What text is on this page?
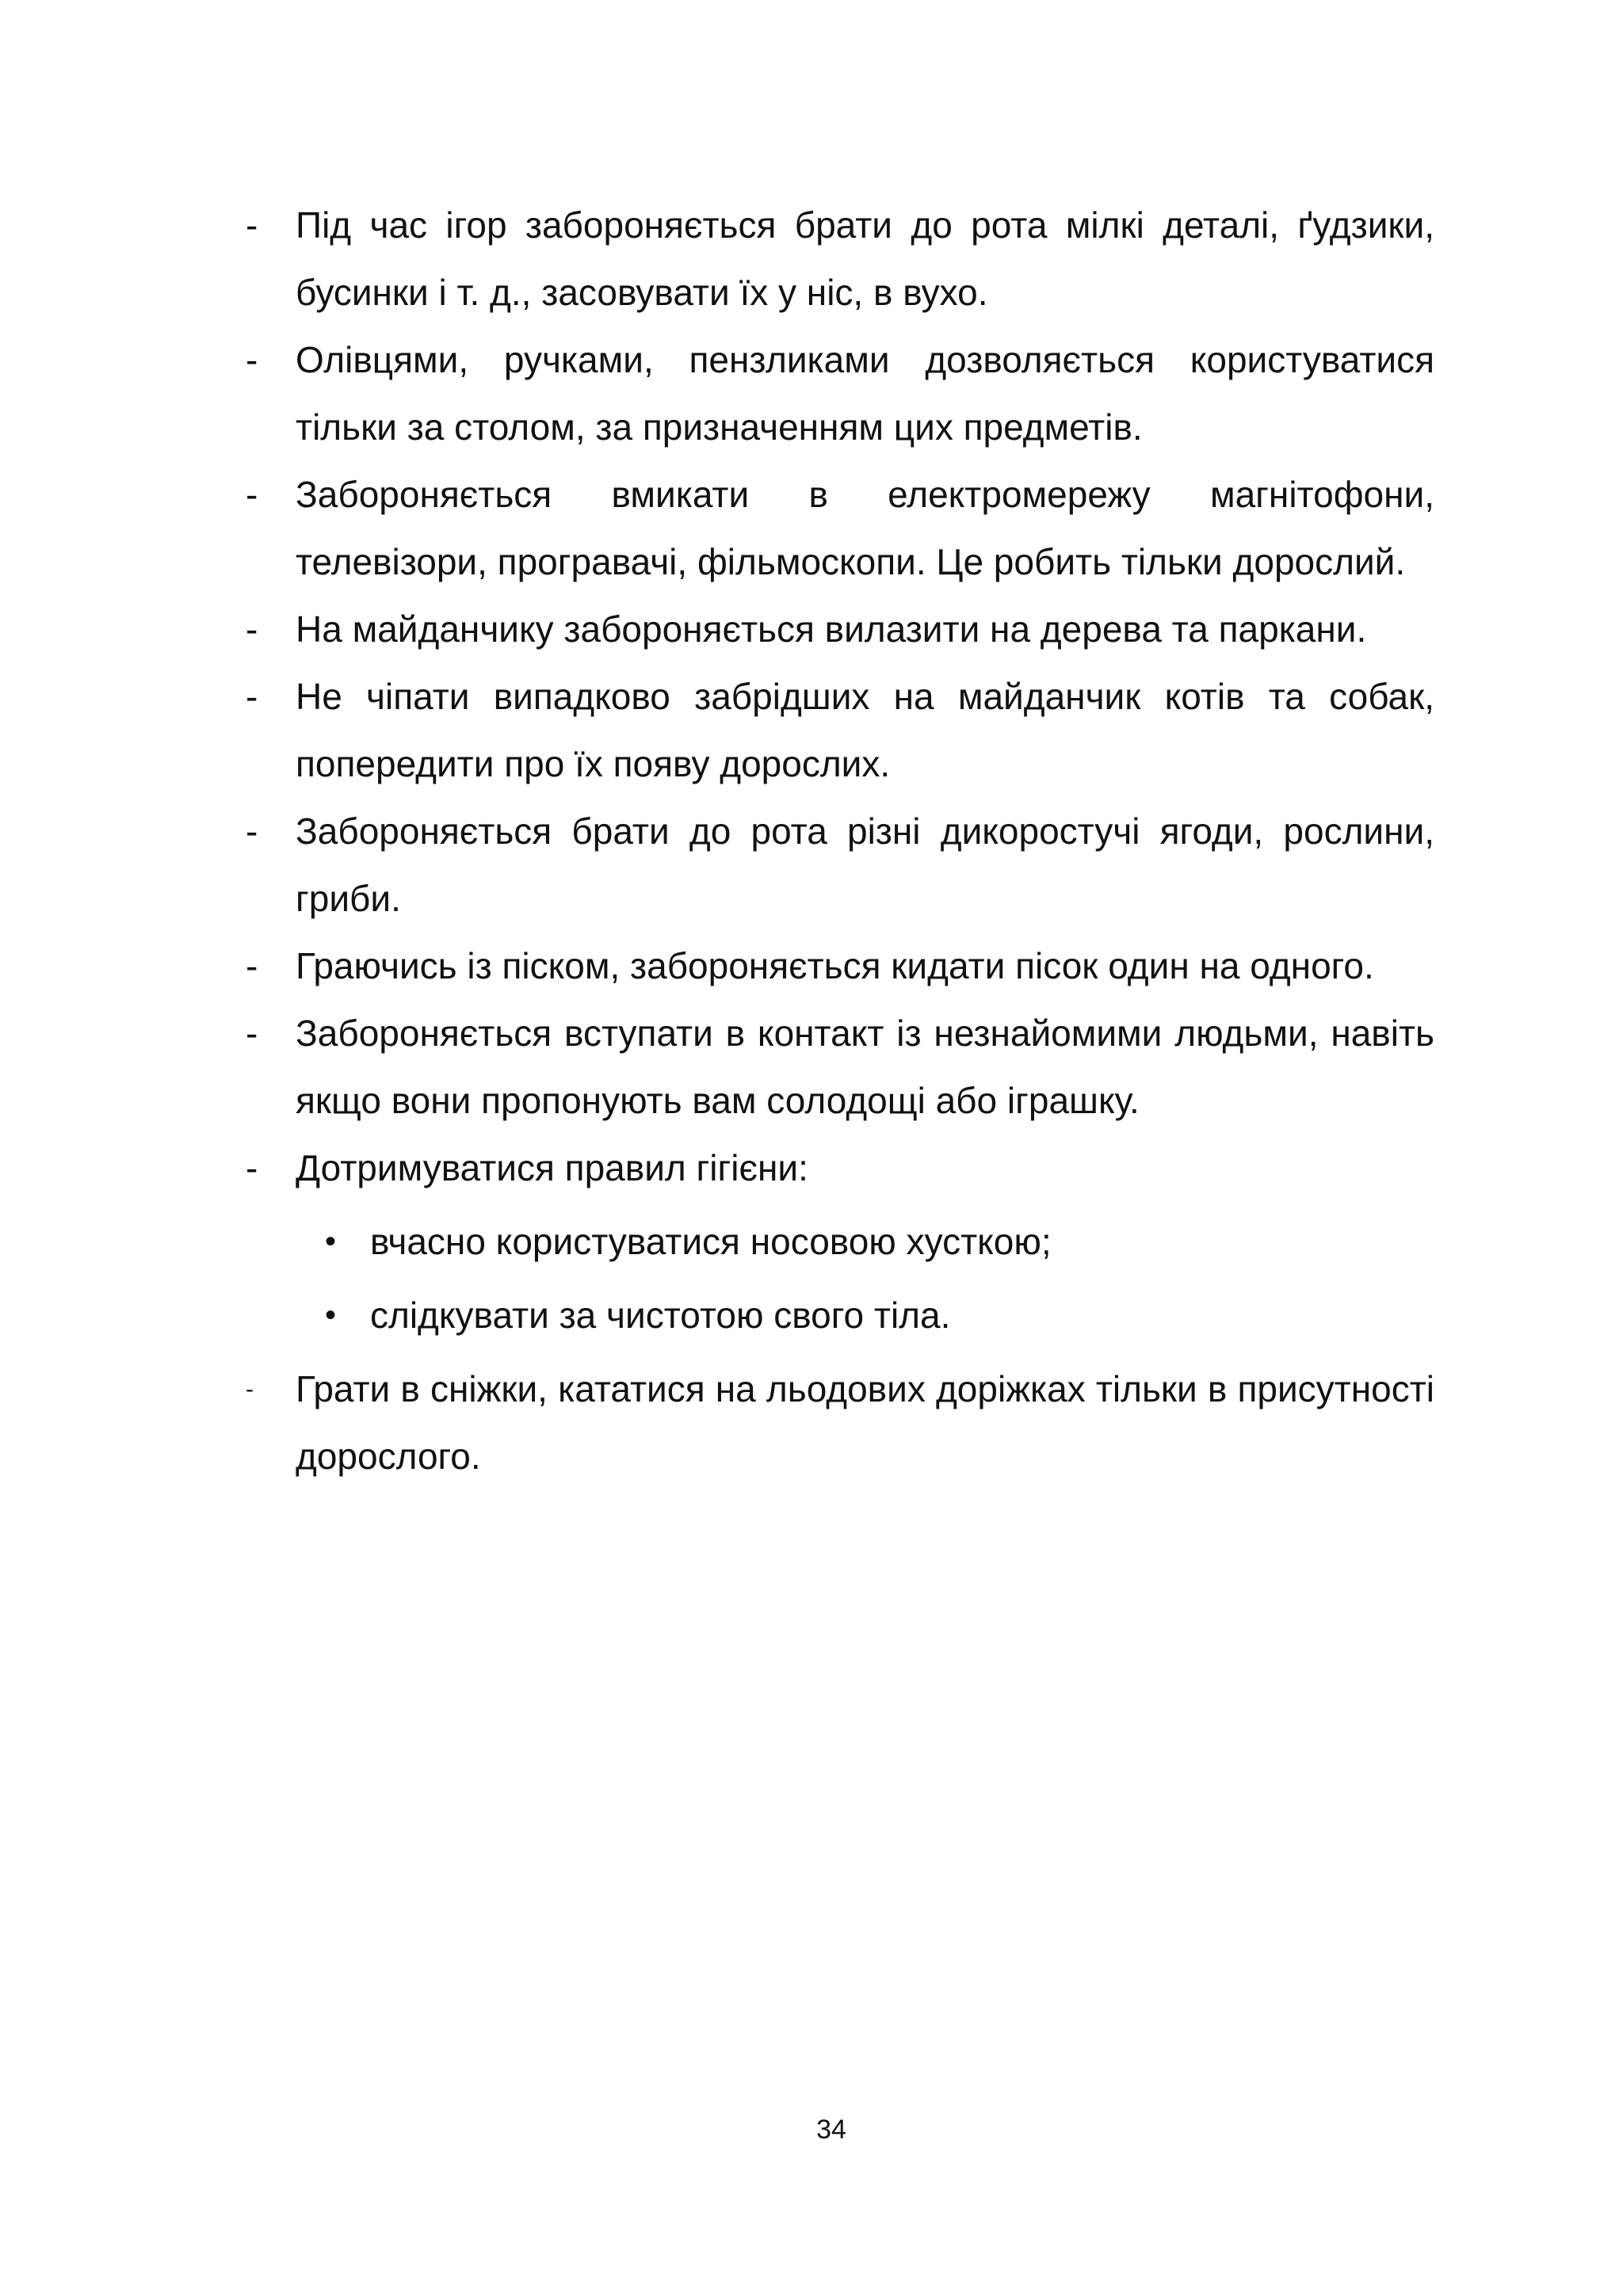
- Під час ігор забороняється брати до рота мілкі деталі, ґудзики, бусинки і т. д., засовувати їх у ніс, в вухо.
- Олівцями, ручками, пензликами дозволяється користуватися тільки за столом, за призначенням цих предметів.
- Забороняється вмикати в електромережу магнітофони, телевізори, програвачі, фільмоскопи. Це робить тільки дорослий.
- На майданчику забороняється вилазити на дерева та паркани.
- Не чіпати випадково забрідших на майданчик котів та собак, попередити про їх появу дорослих.
- Забороняється брати до рота різні дикоростучі ягоди, рослини, гриби.
- Граючись із піском, забороняється кидати пісок один на одного.
- Забороняється вступати в контакт із незнайомими людьми, навіть якщо вони пропонують вам солодощі або іграшку.
- Дотримуватися правил гігієни:
• вчасно користуватися носовою хусткою;
• слідкувати за чистотою свого тіла.
- Грати в сніжки, кататися на льодових доріжках тільки в присутності дорослого.
34
